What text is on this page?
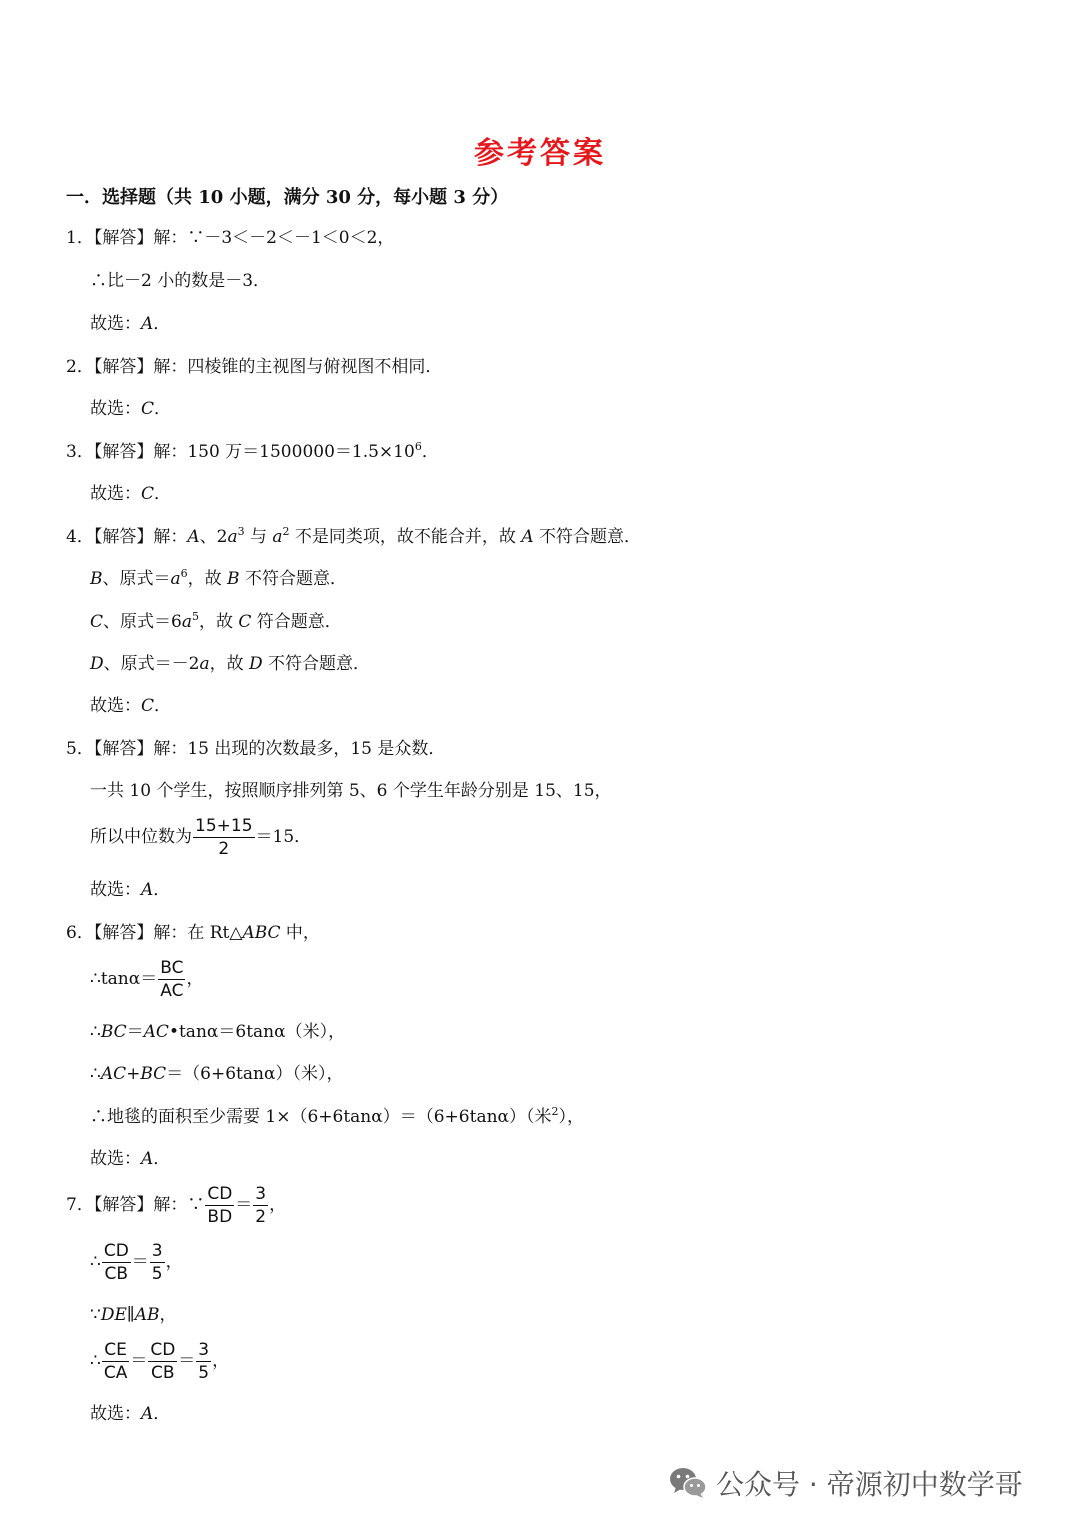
参考答案
一．选择题（共 10 小题，满分 30 分，每小题 3 分）
1．【解答】解：∵－3＜－2＜－1＜0＜2，
∴比－2 小的数是－3．
故选：A．
2．【解答】解：四棱锥的主视图与俯视图不相同．
故选：C．
3．【解答】解：150 万$=1500000=1.5\times 10^6$．
故选：C．
4．【解答】解：A、$2a^3$ 与 $a^2$ 不是同类项，故不能合并，故 A 不符合题意．
B、原式$=a^6$，故 B 不符合题意．
C、原式$=6a^5$，故 C 符合题意．
D、原式＝－2a，故 D 不符合题意．
故选：C．
5．【解答】解：15 出现的次数最多，15 是众数．
一共 10 个学生，按照顺序排列第 5、6 个学生年龄分别是 15、15，
所以中位数为 $\frac{15+15}{2} =15$．
故选：A．
6．【解答】解：在 Rt△ABC 中，
∴tanα＝ $\frac{BC}{AC}$ ，
∴BC＝AC•tanα＝6tanα（米），
∴AC+BC＝（6+6tanα）（米），
∴地毯的面积至少需要 1×（6+6tanα）＝（6+6tanα）（米$^2$），
故选：A．
7．【解答】解：∵ $\frac{CD}{BD} = \frac{3}{2}$ ，
∴ $\frac{CD}{CB} = \frac{3}{5}$ ，
∵DE∥AB，
∴ $\frac{CE}{CA} = \frac{CD}{CB} = \frac{3}{5}$ ，
故选：A．
公众号 · 帝源初中数学哥
